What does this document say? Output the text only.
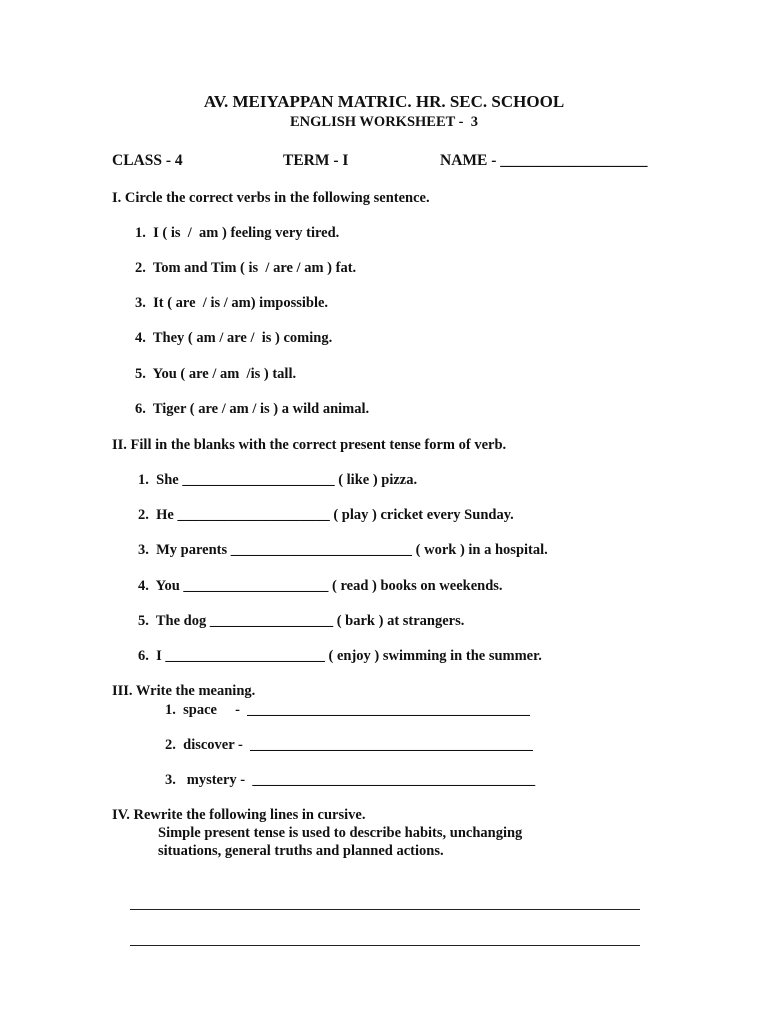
AV. MEIYAPPAN MATRIC. HR. SEC. SCHOOL
ENGLISH WORKSHEET -  3
CLASS - 4	TERM - I	NAME - ___________________
I. Circle the correct verbs in the following sentence.
1.  I ( is  /  am ) feeling very tired.
2.  Tom and Tim ( is  / are / am ) fat.
3.  It ( are  / is / am) impossible.
4.  They ( am / are /  is ) coming.
5.  You ( are / am  /is ) tall.
6.  Tiger ( are / am / is ) a wild animal.
II. Fill in the blanks with the correct present tense form of verb.
1.  She _____________________ ( like ) pizza.
2.  He _____________________ ( play ) cricket every Sunday.
3.  My parents _________________________ ( work ) in a hospital.
4.  You ____________________ ( read ) books on weekends.
5.  The dog _________________ ( bark ) at strangers.
6.  I ______________________ ( enjoy ) swimming in the summer.
III. Write the meaning.
1.  space     -  _______________________________________
2.  discover -  _______________________________________
3.   mystery -  _______________________________________
IV. Rewrite the following lines in cursive.
Simple present tense is used to describe habits, unchanging
situations, general truths and planned actions.
